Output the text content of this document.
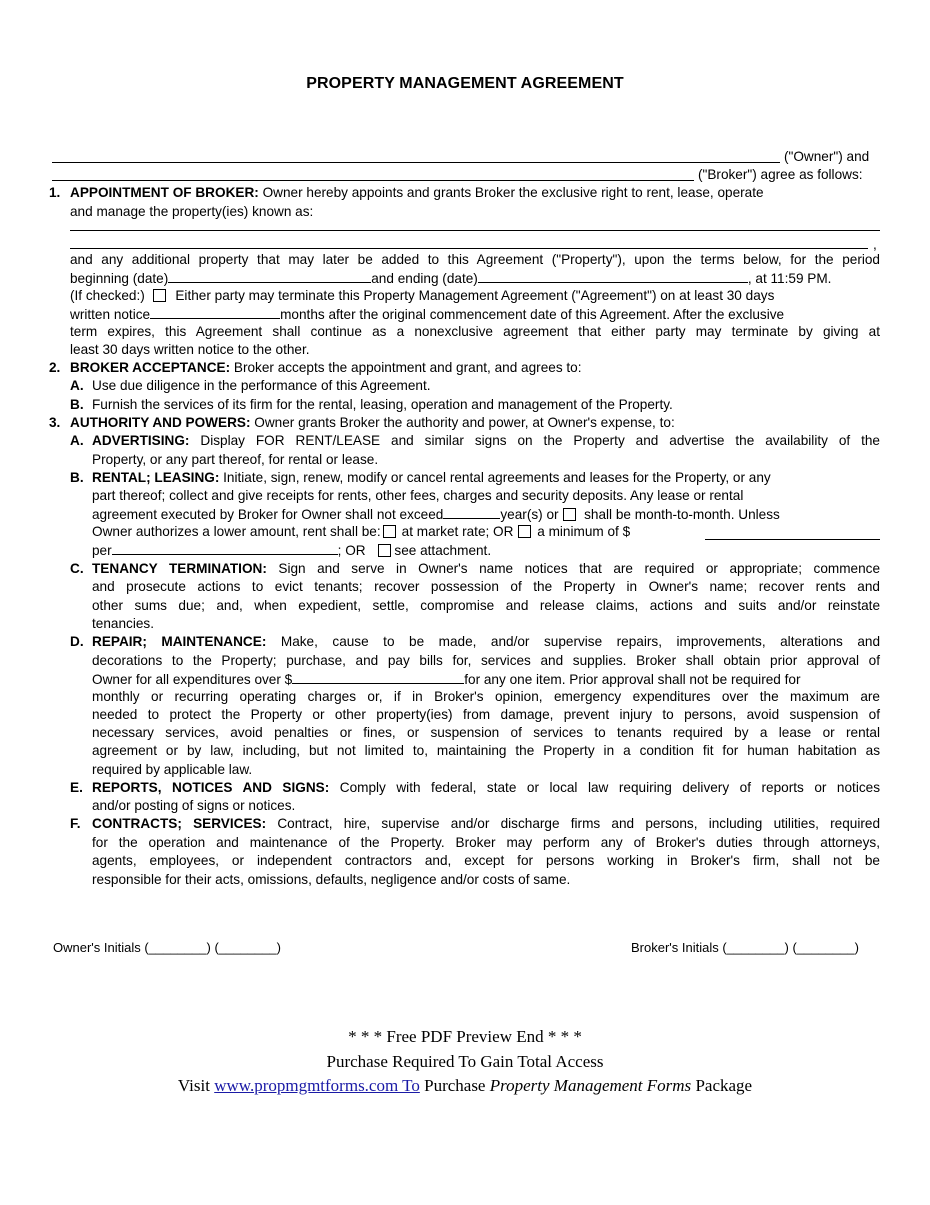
PROPERTY MANAGEMENT AGREEMENT
("Owner") and
("Broker") agree as follows:
1. APPOINTMENT OF BROKER: Owner hereby appoints and grants Broker the exclusive right to rent, lease, operate
and manage the property(ies) known as:
,
and any additional property that may later be added to this Agreement ("Property"), upon the terms below, for the period
beginning (date)	and ending (date)	, at 11:59 PM.
(If checked:) Either party may terminate this Property Management Agreement ("Agreement") on at least 30 days
written notice	months after the original commencement date of this Agreement. After the exclusive
term expires, this Agreement shall continue as a nonexclusive agreement that either party may terminate by giving at
least 30 days written notice to the other.
2. BROKER ACCEPTANCE: Broker accepts the appointment and grant, and agrees to:
A. Use due diligence in the performance of this Agreement.
B. Furnish the services of its firm for the rental, leasing, operation and management of the Property.
3. AUTHORITY AND POWERS: Owner grants Broker the authority and power, at Owner's expense, to:
A. ADVERTISING: Display FOR RENT/LEASE and similar signs on the Property and advertise the availability of the
Property, or any part thereof, for rental or lease.
B. RENTAL; LEASING: Initiate, sign, renew, modify or cancel rental agreements and leases for the Property, or any
part thereof; collect and give receipts for rents, other fees, charges and security deposits. Any lease or rental
agreement executed by Broker for Owner shall not exceed	year(s) or shall be month-to-month. Unless
Owner authorizes a lower amount, rent shall be: at market rate; OR a minimum of $
per	; OR see attachment.
C. TENANCY TERMINATION: Sign and serve in Owner's name notices that are required or appropriate; commence
and prosecute actions to evict tenants; recover possession of the Property in Owner's name; recover rents and
other sums due; and, when expedient, settle, compromise and release claims, actions and suits and/or reinstate
tenancies.
D. REPAIR; MAINTENANCE: Make, cause to be made, and/or supervise repairs, improvements, alterations and
decorations to the Property; purchase, and pay bills for, services and supplies. Broker shall obtain prior approval of
Owner for all expenditures over $	for any one item. Prior approval shall not be required for
monthly or recurring operating charges or, if in Broker's opinion, emergency expenditures over the maximum are
needed to protect the Property or other property(ies) from damage, prevent injury to persons, avoid suspension of
necessary services, avoid penalties or fines, or suspension of services to tenants required by a lease or rental
agreement or by law, including, but not limited to, maintaining the Property in a condition fit for human habitation as
required by applicable law.
E. REPORTS, NOTICES AND SIGNS: Comply with federal, state or local law requiring delivery of reports or notices
and/or posting of signs or notices.
F. CONTRACTS; SERVICES: Contract, hire, supervise and/or discharge firms and persons, including utilities, required
for the operation and maintenance of the Property. Broker may perform any of Broker's duties through attorneys,
agents, employees, or independent contractors and, except for persons working in Broker's firm, shall not be
responsible for their acts, omissions, defaults, negligence and/or costs of same.
Owner's Initials (________) (________)	Broker's Initials (________) (________)
* * * Free PDF Preview End * * *
Purchase Required To Gain Total Access
Visit www.propmgmtforms.com To Purchase Property Management Forms Package
